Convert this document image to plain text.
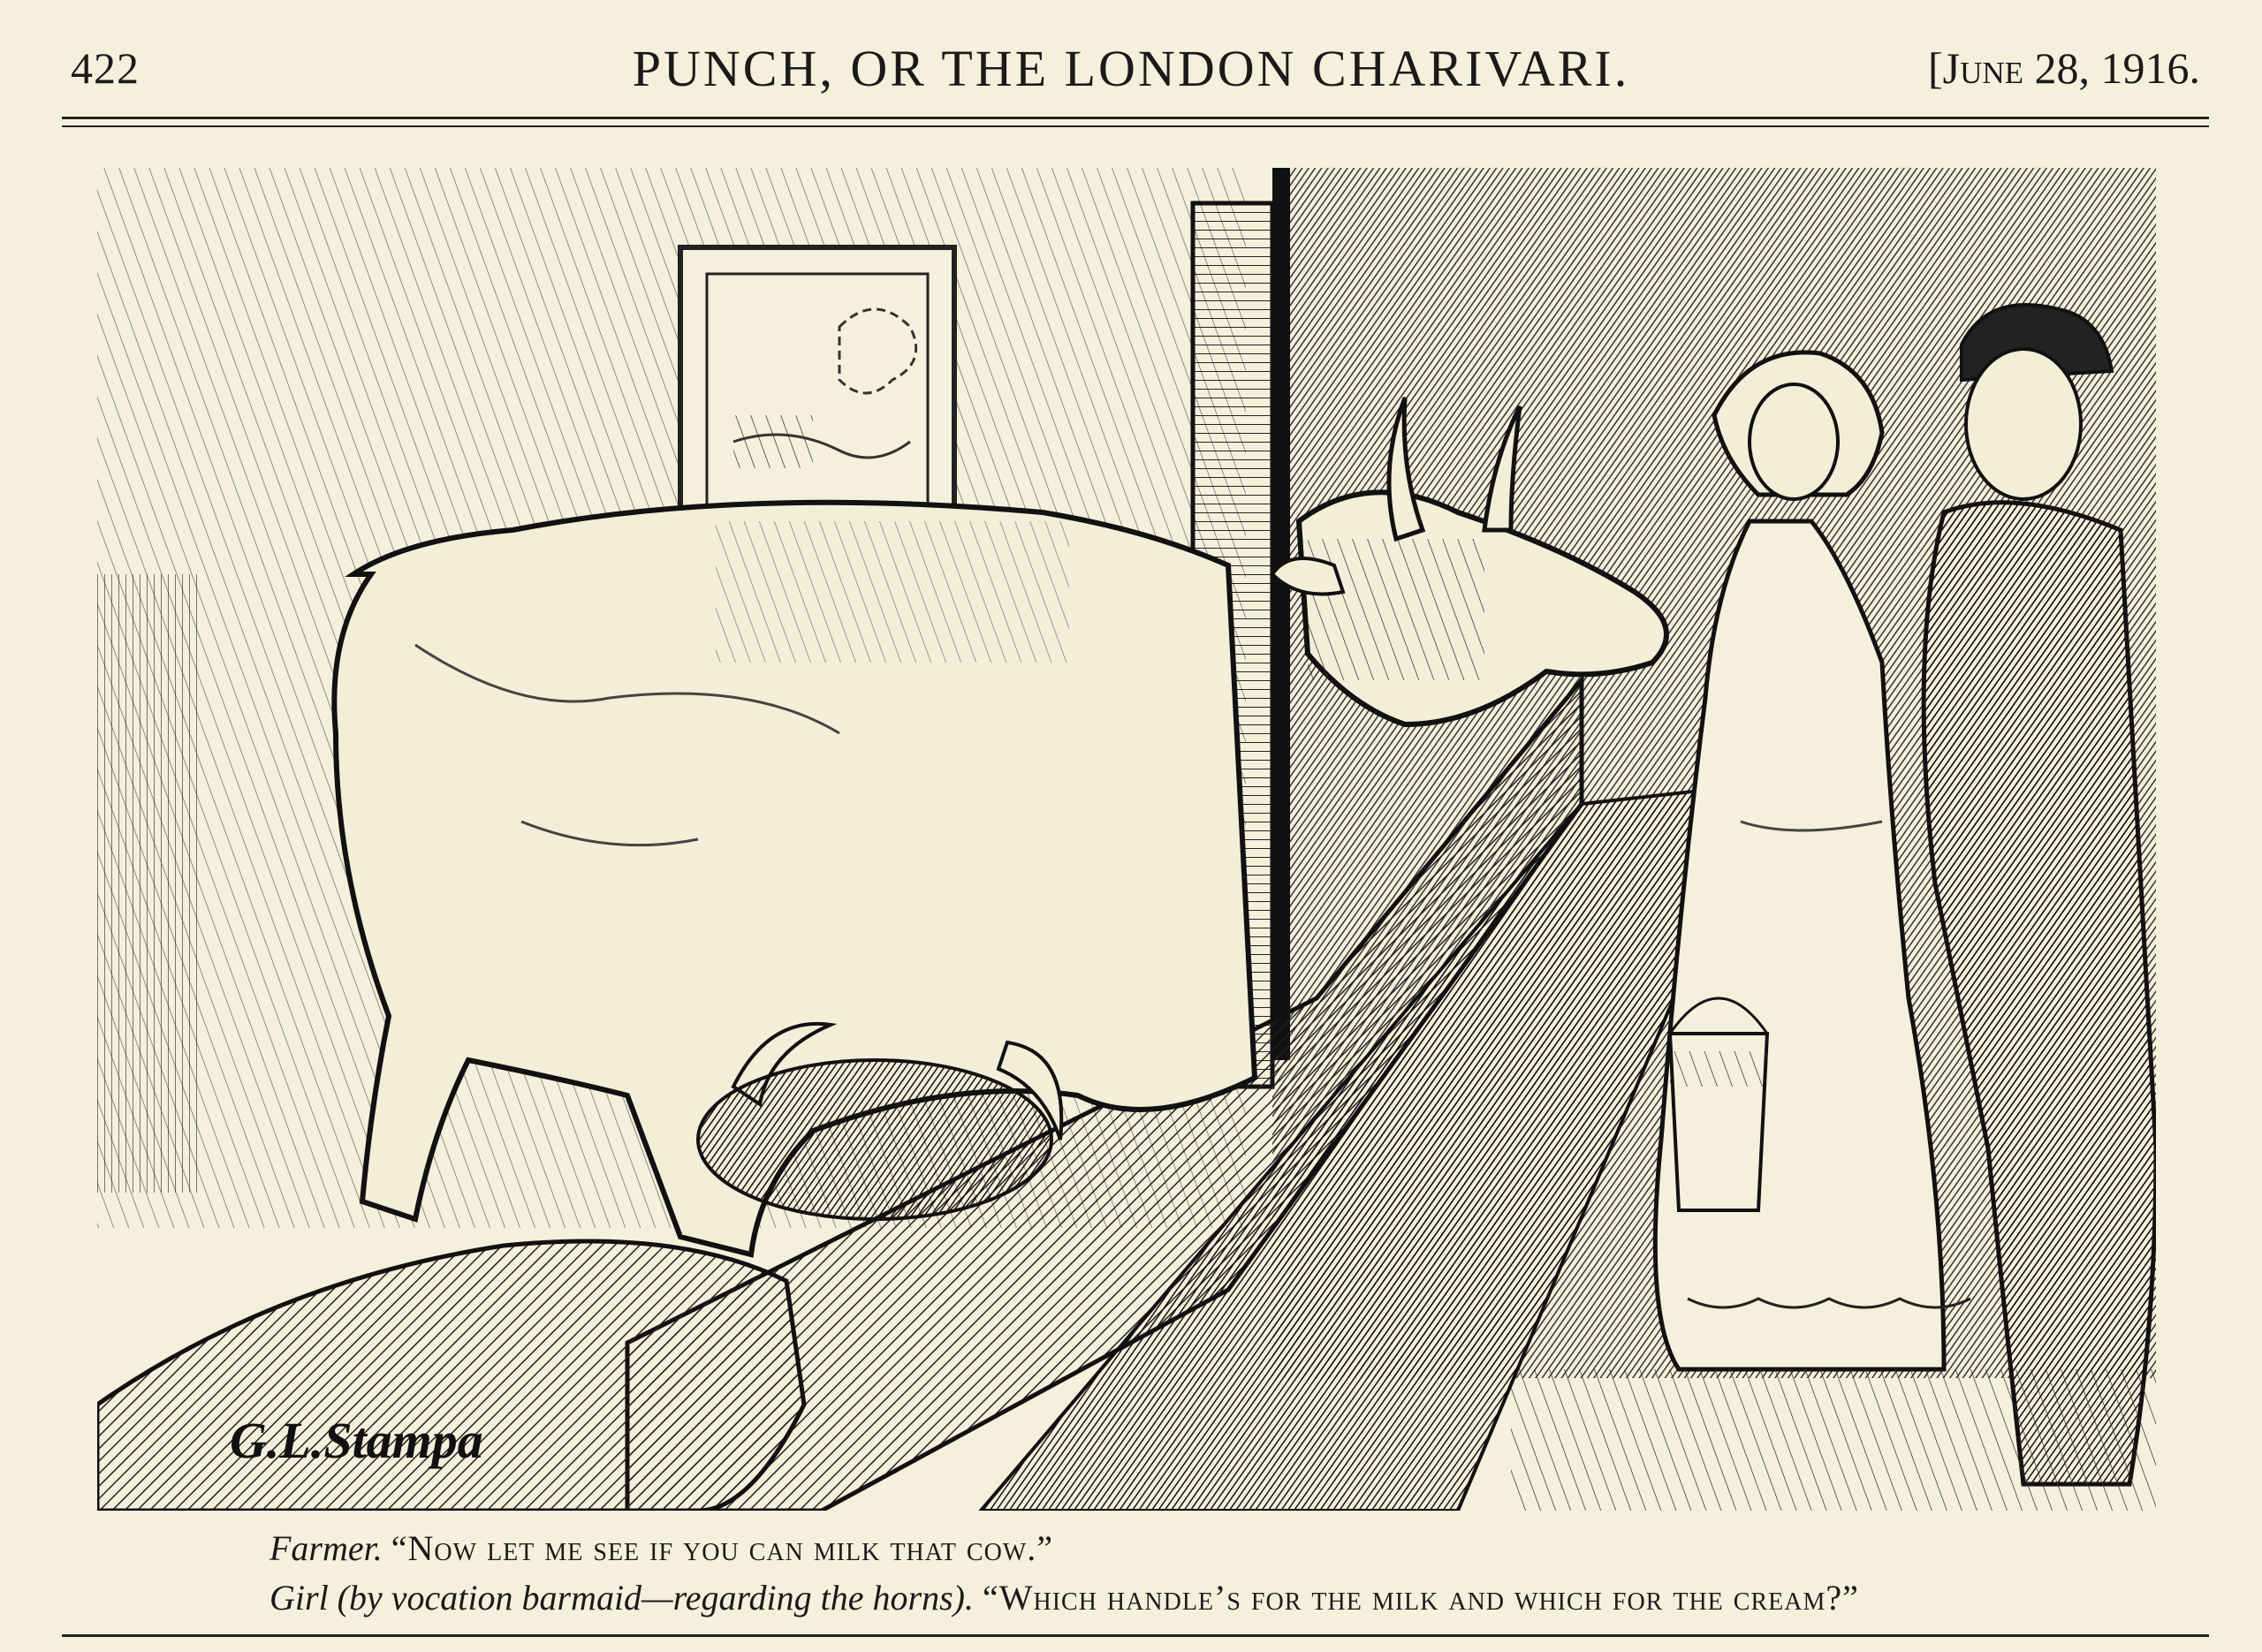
422	PUNCH, OR THE LONDON CHARIVARI.	[June 28, 1916.
G.L.Stampa
Farmer. “Now let me see if you can milk that cow.”
Girl (by vocation barmaid—regarding the horns). “Which handle’s for the milk and which for the cream?”
